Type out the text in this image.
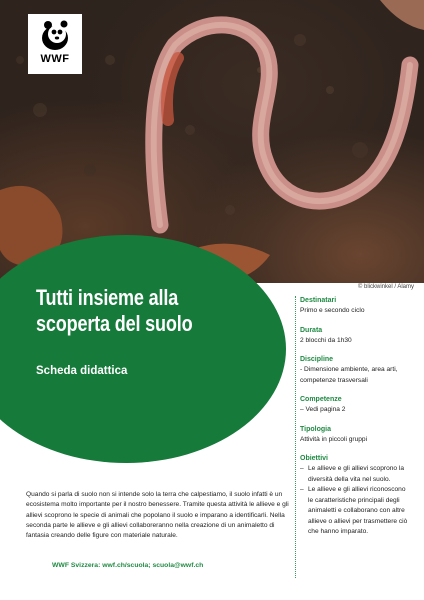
WWF
© blickwinkel / Alamy
Tutti insieme alla
scoperta del suolo
Scheda didattica
Destinatari
Primo e secondo ciclo
Durata
2 blocchi da 1h30
Discipline
- Dimensione ambiente, area arti, competenze trasversali
Competenze
– Vedi pagina 2
Tipologia
Attività in piccoli gruppi
Obiettivi
– Le allieve e gli allievi scoprono la diversità della vita nel suolo.
– Le allieve e gli allievi riconoscono le caratteristiche principali degli animaletti e collaborano con altre allieve o allievi per trasmettere ciò che hanno imparato.
Quando si parla di suolo non si intende solo la terra che calpestiamo, il suolo infatti è un ecosistema molto importante per il nostro benessere. Tramite questa attività le allieve e gli allievi scoprono le specie di animali che popolano il suolo e imparano a identificarli. Nella seconda parte le allieve e gli allievi collaboreranno nella creazione di un animaletto di fantasia creando delle figure con materiale naturale.
WWF Svizzera: wwf.ch/scuola; scuola@wwf.ch
